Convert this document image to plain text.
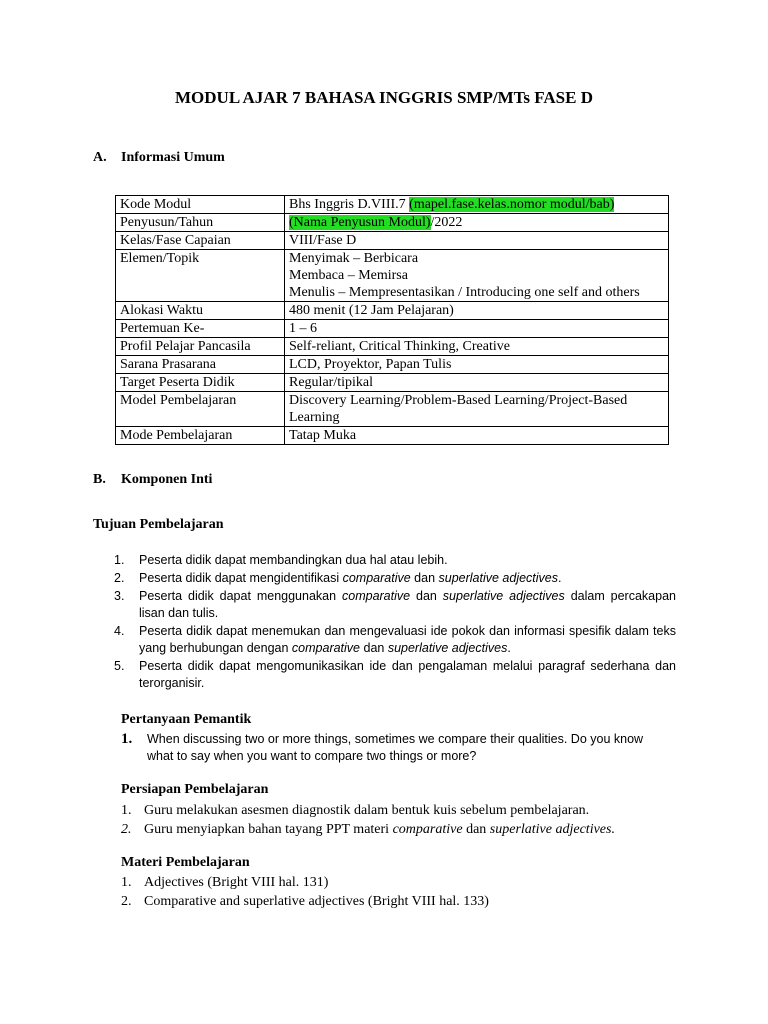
MODUL AJAR 7 BAHASA INGGRIS SMP/MTs FASE D
A. Informasi Umum
Kode Modul	Bhs Inggris D.VIII.7 (mapel.fase.kelas.nomor modul/bab)
Penyusun/Tahun	(Nama Penyusun Modul)/2022
Kelas/Fase Capaian	VIII/Fase D
Elemen/Topik	Menyimak – Berbicara
Membaca – Memirsa
Menulis – Mempresentasikan / Introducing one self and others

Alokasi Waktu	480 menit (12 Jam Pelajaran)
Pertemuan Ke-	1 – 6
Profil Pelajar Pancasila	Self-reliant, Critical Thinking, Creative
Sarana Prasarana	LCD, Proyektor, Papan Tulis
Target Peserta Didik	Regular/tipikal
Model Pembelajaran	Discovery Learning/Problem-Based Learning/Project-Based Learning
Mode Pembelajaran	Tatap Muka
B. Komponen Inti
Tujuan Pembelajaran
1. Peserta didik dapat membandingkan dua hal atau lebih.
2. Peserta didik dapat mengidentifikasi comparative dan superlative adjectives.
3. Peserta didik dapat menggunakan comparative dan superlative adjectives dalam percakapan lisan dan tulis.
4. Peserta didik dapat menemukan dan mengevaluasi ide pokok dan informasi spesifik dalam teks yang berhubungan dengan comparative dan superlative adjectives.
5. Peserta didik dapat mengomunikasikan ide dan pengalaman melalui paragraf sederhana dan terorganisir.
Pertanyaan Pemantik
1. When discussing two or more things, sometimes we compare their qualities. Do you know what to say when you want to compare two things or more?
Persiapan Pembelajaran
1. Guru melakukan asesmen diagnostik dalam bentuk kuis sebelum pembelajaran.
2. Guru menyiapkan bahan tayang PPT materi comparative dan superlative adjectives.
Materi Pembelajaran
1. Adjectives (Bright VIII hal. 131)
2. Comparative and superlative adjectives (Bright VIII hal. 133)
